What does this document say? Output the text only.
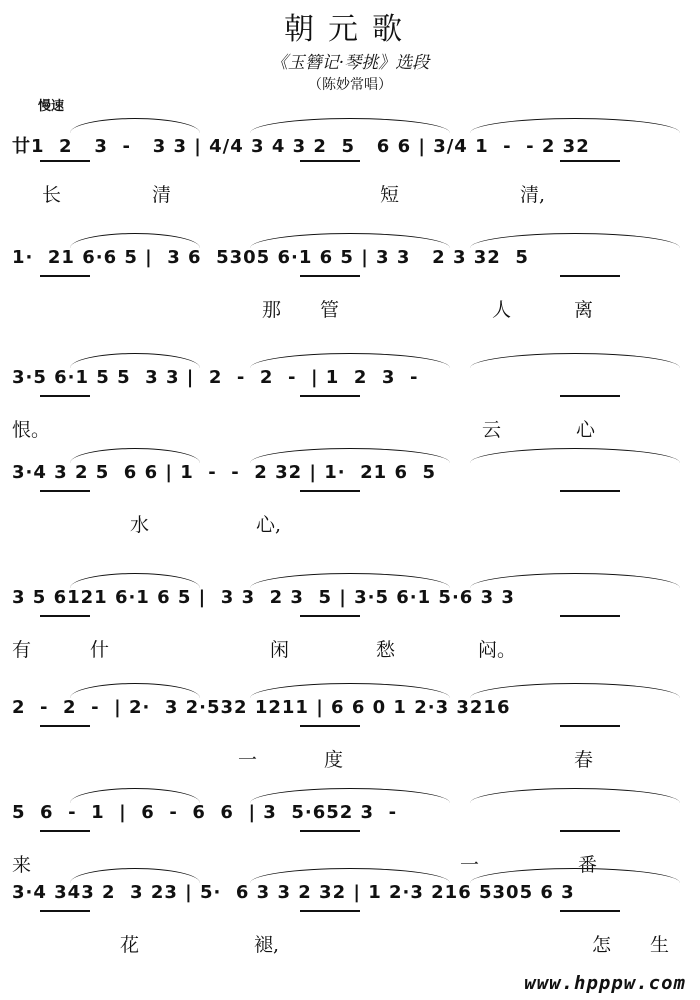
朝元歌
《玉簪记·琴挑》选段
（陈妙常唱）
慢速
廿1  2   3  -   3 3 | 4/4 3 4 3 2  5   6 6 | 3/4 1  -  - 2 32
长	清	短	清,
1·  21 6·6 5 |  3 6  5305 6·1 6 5 | 3 3   2 3 32  5
那 管	人	离
3·5 6·1 5 5  3 3 |  2  -  2  -  | 1  2  3  -
恨。	云	心
3·4 3 2 5  6 6 | 1  -  -  2 32 | 1·  21 6  5
水	心,
3 5 6121 6·1 6 5 |  3 3  2 3  5 | 3·5 6·1 5·6 3 3
有	什	闲	愁	闷。
2  -  2  -  | 2·  3 2·532 1211 | 6 6 0 1 2·3 3216
一	度	春
5  6  -  1  |  6  -  6  6  | 3  5·652 3  -
来	一	番
3·4 343 2  3 23 | 5·  6 3 3 2 32 | 1 2·3 216 5305 6 3
花	褪,	怎 生
www.hpppw.com
